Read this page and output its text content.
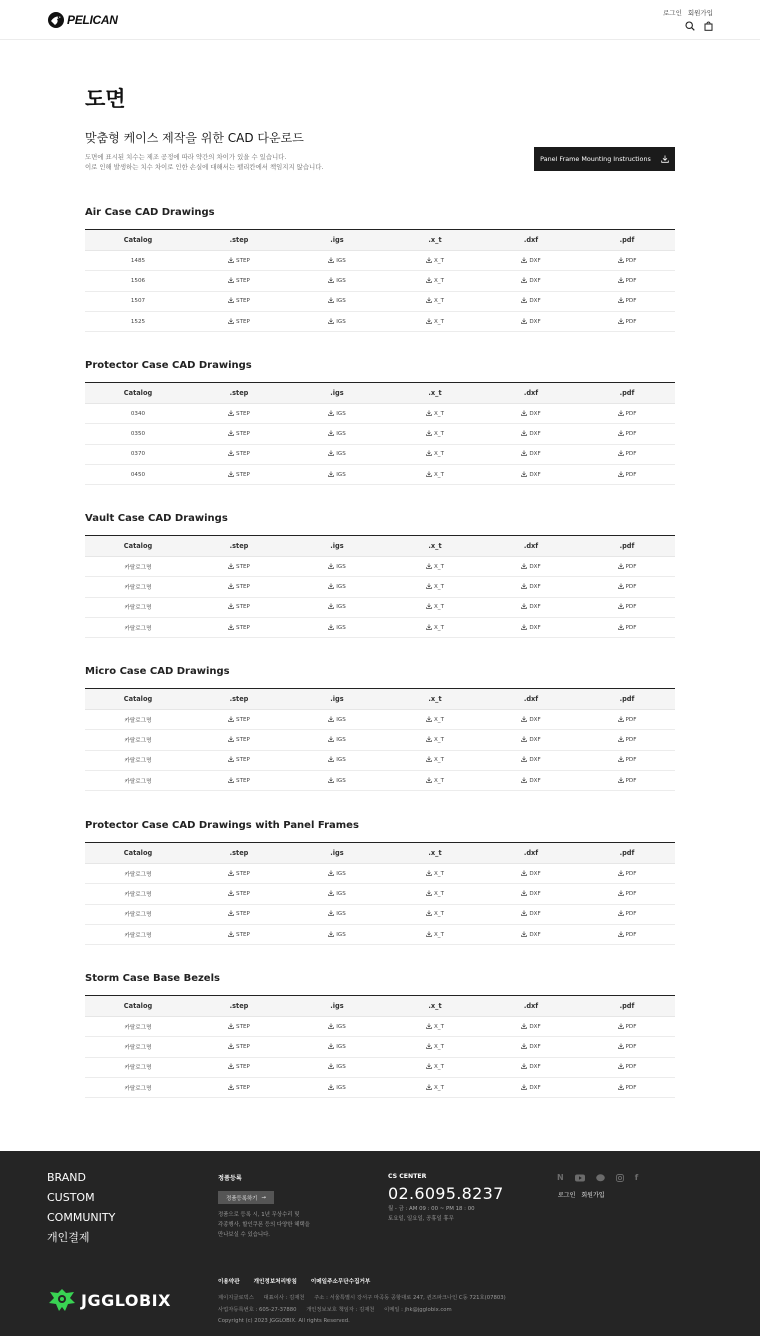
PELICAN	로그인 회원가입
도면
맞춤형 케이스 제작을 위한 CAD 다운로드
도면에 표시된 치수는 제조 공정에 따라 약간의 차이가 있을 수 있습니다.
이로 인해 발생하는 치수 차이로 인한 손실에 대해서는 펠리칸에서 책임지지 않습니다.
Panel Frame Mounting Instructions
Air Case CAD Drawings
Catalog	.step	.igs	.x_t	.dxf	.pdf
1485	STEP	IGS	X_T	DXF	PDF

1506	STEP	IGS	X_T	DXF	PDF

1507	STEP	IGS	X_T	DXF	PDF

1525	STEP	IGS	X_T	DXF	PDF
Protector Case CAD Drawings
Catalog	.step	.igs	.x_t	.dxf	.pdf
0340	STEP	IGS	X_T	DXF	PDF

0350	STEP	IGS	X_T	DXF	PDF

0370	STEP	IGS	X_T	DXF	PDF

0450	STEP	IGS	X_T	DXF	PDF
Vault Case CAD Drawings
Catalog	.step	.igs	.x_t	.dxf	.pdf
카탈로그명	STEP	IGS	X_T	DXF	PDF

카탈로그명	STEP	IGS	X_T	DXF	PDF

카탈로그명	STEP	IGS	X_T	DXF	PDF

카탈로그명	STEP	IGS	X_T	DXF	PDF
Micro Case CAD Drawings
Catalog	.step	.igs	.x_t	.dxf	.pdf
카탈로그명	STEP	IGS	X_T	DXF	PDF

카탈로그명	STEP	IGS	X_T	DXF	PDF

카탈로그명	STEP	IGS	X_T	DXF	PDF

카탈로그명	STEP	IGS	X_T	DXF	PDF
Protector Case CAD Drawings with Panel Frames
Catalog	.step	.igs	.x_t	.dxf	.pdf
카탈로그명	STEP	IGS	X_T	DXF	PDF

카탈로그명	STEP	IGS	X_T	DXF	PDF

카탈로그명	STEP	IGS	X_T	DXF	PDF

카탈로그명	STEP	IGS	X_T	DXF	PDF
Storm Case Base Bezels
Catalog	.step	.igs	.x_t	.dxf	.pdf
카탈로그명	STEP	IGS	X_T	DXF	PDF

카탈로그명	STEP	IGS	X_T	DXF	PDF

카탈로그명	STEP	IGS	X_T	DXF	PDF

카탈로그명	STEP	IGS	X_T	DXF	PDF
BRAND
CUSTOM
COMMUNITY
개인결제
정품등록
정품등록하기 →
정품으로 등록 시, 1년 무상수리 및
각종행사, 할인쿠폰 등의 다양한 혜택을
만나보실 수 있습니다.
CS CENTER
02.6095.8237
월 - 금 : AM 09 : 00 ~ PM 18 : 00
토요일, 일요일, 공휴일 휴무
N	f
로그인 회원가입
JGGLOBIX
이용약관	개인정보처리방침	이메일주소무단수집거부
제이지글로빅스 대표이사 : 김재천 주소 : 서울특별시 강서구 마곡동 공항대로 247, 퀸즈파크나인 C동 721호(07803)
사업자등록번호 : 605-27-37880 개인정보보호 책임자 : 김재천 이메일 : jhk@jgglobix.com
Copyright (c) 2023 JGGLOBIX. All rights Reserved.
